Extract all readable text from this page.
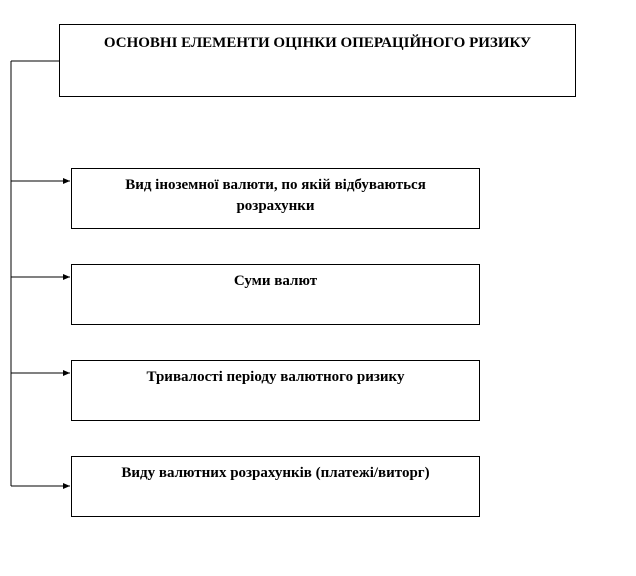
ОСНОВНІ ЕЛЕМЕНТИ ОЦІНКИ ОПЕРАЦІЙНОГО РИЗИКУ
Вид іноземної валюти, по якій відбуваються розрахунки
Суми валют
Тривалості періоду валютного ризику
Виду валютних розрахунків (платежі/виторг)
